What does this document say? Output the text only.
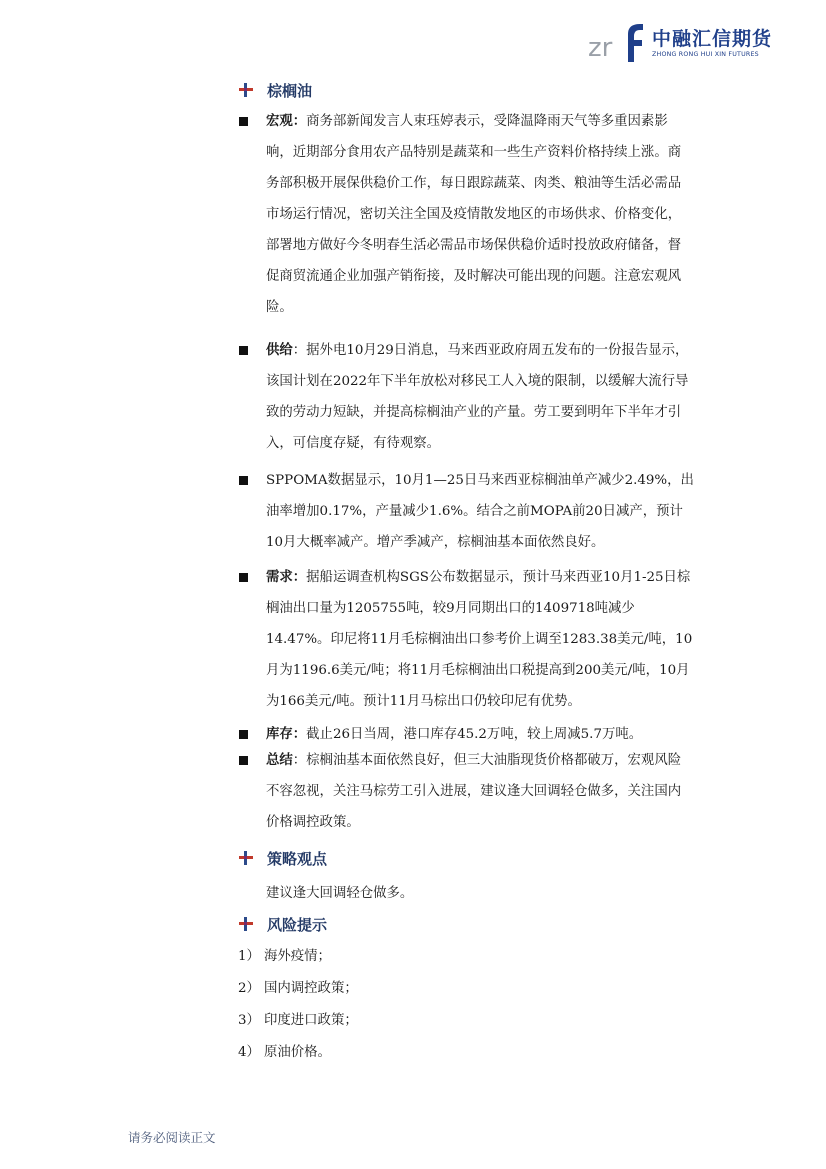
zr 中融汇信期货
ZHONG RONG HUI XIN FUTURES
棕榈油
宏观：商务部新闻发言人束珏婷表示，受降温降雨天气等多重因素影响，近期部分食用农产品特别是蔬菜和一些生产资料价格持续上涨。商务部积极开展保供稳价工作，每日跟踪蔬菜、肉类、粮油等生活必需品市场运行情况，密切关注全国及疫情散发地区的市场供求、价格变化，部署地方做好今冬明春生活必需品市场保供稳价适时投放政府储备，督促商贸流通企业加强产销衔接，及时解决可能出现的问题。注意宏观风险。
供给：据外电10月29日消息，马来西亚政府周五发布的一份报告显示，该国计划在2022年下半年放松对移民工人入境的限制，以缓解大流行导致的劳动力短缺，并提高棕榈油产业的产量。劳工要到明年下半年才引入，可信度存疑，有待观察。
SPPOMA数据显示，10月1—25日马来西亚棕榈油单产减少2.49%，出油率增加0.17%，产量减少1.6%。结合之前MOPA前20日减产，预计10月大概率减产。增产季减产，棕榈油基本面依然良好。
需求：据船运调查机构SGS公布数据显示，预计马来西亚10月1-25日棕榈油出口量为1205755吨，较9月同期出口的1409718吨减少14.47%。印尼将11月毛棕榈油出口参考价上调至1283.38美元/吨，10月为1196.6美元/吨；将11月毛棕榈油出口税提高到200美元/吨，10月为166美元/吨。预计11月马棕出口仍较印尼有优势。
库存：截止26日当周，港口库存45.2万吨，较上周减5.7万吨。
总结：棕榈油基本面依然良好，但三大油脂现货价格都破万，宏观风险不容忽视，关注马棕劳工引入进展，建议逢大回调轻仓做多，关注国内价格调控政策。
策略观点
建议逢大回调轻仓做多。
风险提示
1） 海外疫情；
2） 国内调控政策；
3） 印度进口政策；
4） 原油价格。
请务必阅读正文
